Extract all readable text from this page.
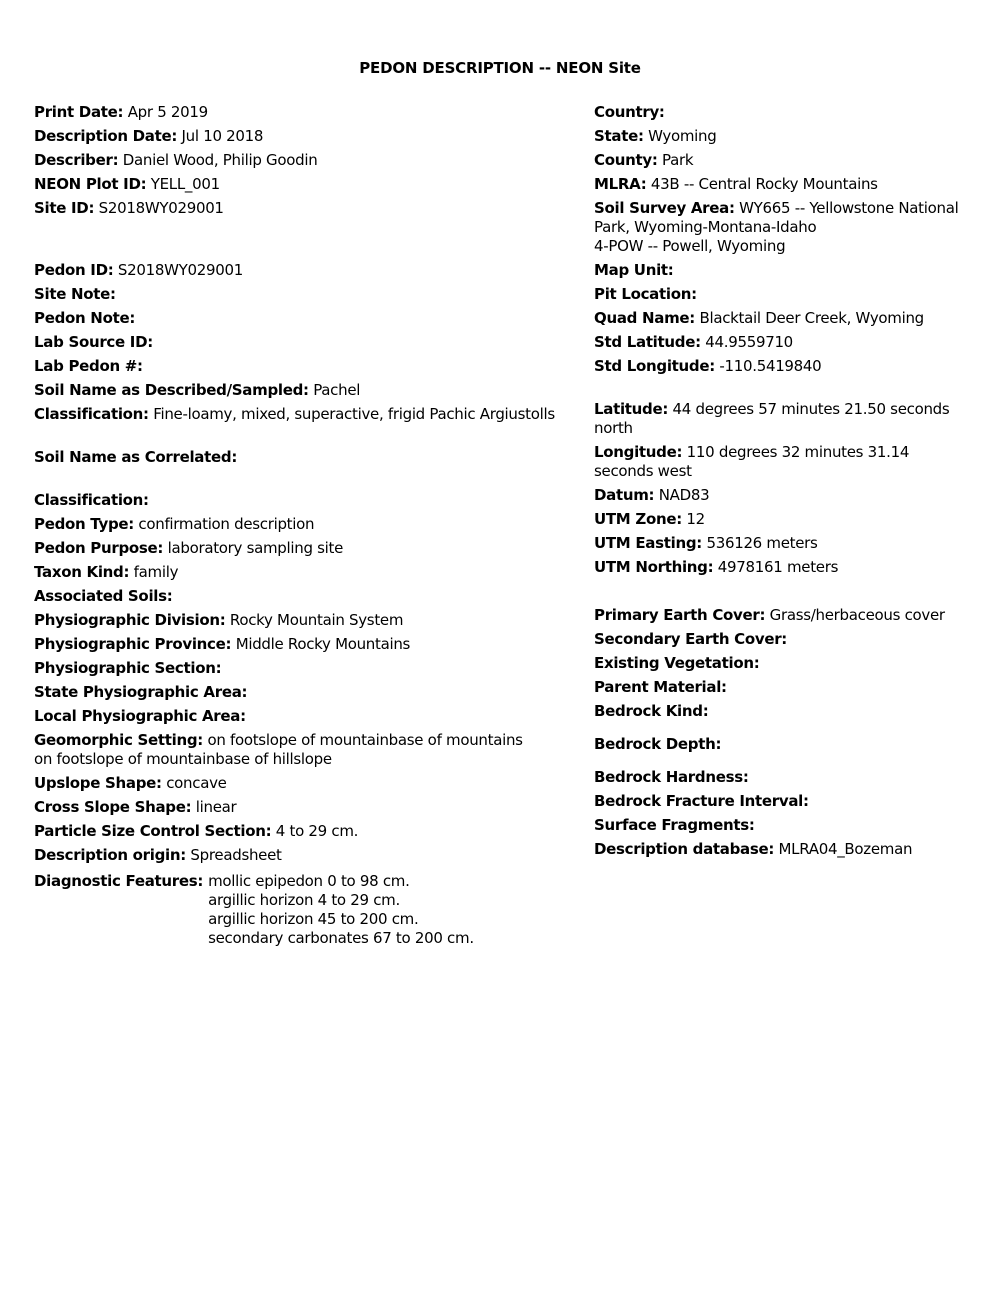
PEDON DESCRIPTION -- NEON Site
Print Date: Apr 5 2019
Description Date: Jul 10 2018
Describer: Daniel Wood, Philip Goodin
NEON Plot ID: YELL_001
Site ID: S2018WY029001
Pedon ID: S2018WY029001
Site Note:
Pedon Note:
Lab Source ID:
Lab Pedon #:
Soil Name as Described/Sampled: Pachel
Classification: Fine-loamy, mixed, superactive, frigid Pachic Argiustolls
Soil Name as Correlated:
Classification:
Pedon Type: confirmation description
Pedon Purpose: laboratory sampling site
Taxon Kind: family
Associated Soils:
Physiographic Division: Rocky Mountain System
Physiographic Province: Middle Rocky Mountains
Physiographic Section:
State Physiographic Area:
Local Physiographic Area:
Geomorphic Setting: on footslope of mountainbase of mountains
on footslope of mountainbase of hillslope
Upslope Shape: concave
Cross Slope Shape: linear
Particle Size Control Section: 4 to 29 cm.
Description origin: Spreadsheet
Diagnostic Features: mollic epipedon 0 to 98 cm.
argillic horizon 4 to 29 cm.
argillic horizon 45 to 200 cm.
secondary carbonates 67 to 200 cm.
Country:
State: Wyoming
County: Park
MLRA: 43B -- Central Rocky Mountains
Soil Survey Area: WY665 -- Yellowstone National
Park, Wyoming-Montana-Idaho
4-POW -- Powell, Wyoming
Map Unit:
Pit Location:
Quad Name: Blacktail Deer Creek, Wyoming
Std Latitude: 44.9559710
Std Longitude: -110.5419840
Latitude: 44 degrees 57 minutes 21.50 seconds
north
Longitude: 110 degrees 32 minutes 31.14
seconds west
Datum: NAD83
UTM Zone: 12
UTM Easting: 536126 meters
UTM Northing: 4978161 meters
Primary Earth Cover: Grass/herbaceous cover
Secondary Earth Cover:
Existing Vegetation:
Parent Material:
Bedrock Kind:
Bedrock Depth:
Bedrock Hardness:
Bedrock Fracture Interval:
Surface Fragments:
Description database: MLRA04_Bozeman
